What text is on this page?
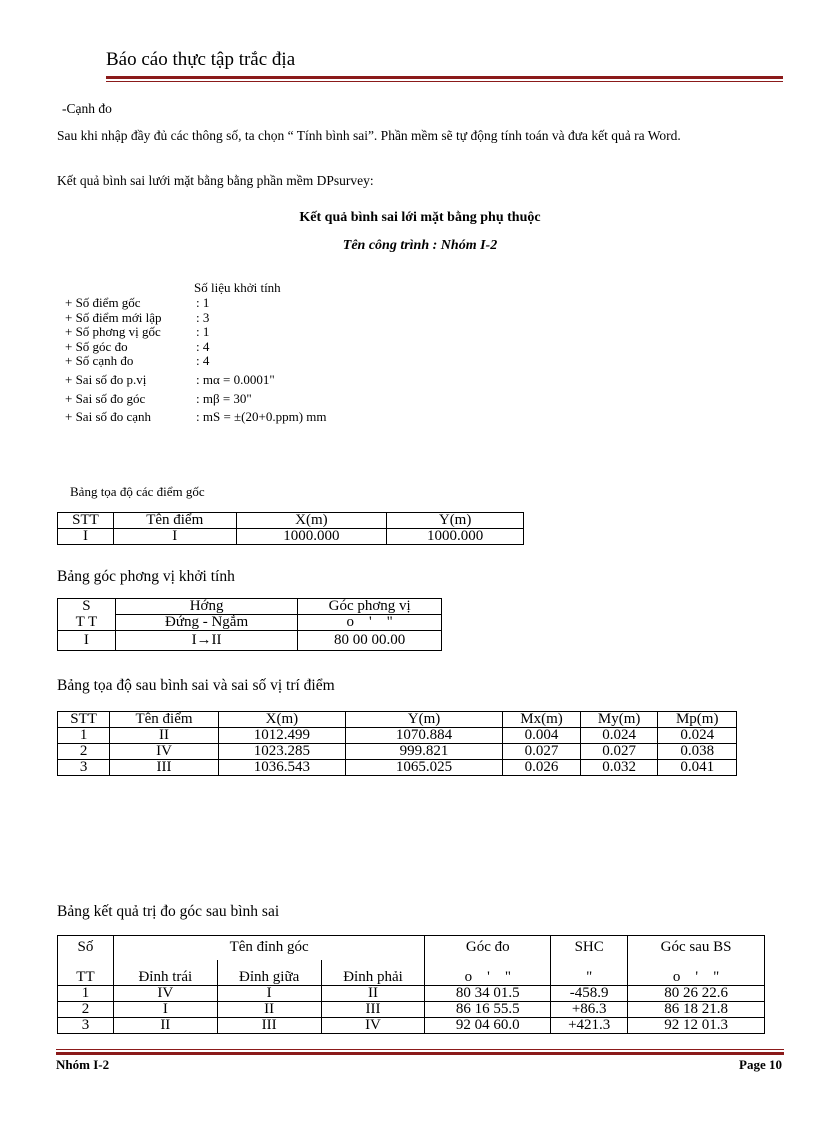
Báo cáo thực tập trắc địa
-Cạnh đo
Sau khi nhập đầy đủ các thông số, ta chọn “ Tính bình sai”. Phần mềm sẽ tự động tính toán và đưa kết quả ra Word.
Kết quả bình sai lưới mặt bằng bằng phần mềm DPsurvey:
Kết quả bình sai lới mặt bằng phụ thuộc
Tên công trình : Nhóm I-2
Số liệu khởi tính
+ Số điểm gốc	: 1
+ Số điểm mới lập	: 3
+ Số phơng vị gốc	: 1
+ Số góc đo	: 4
+ Số cạnh đo	: 4
+ Sai số đo p.vị	: mα = 0.0001"
+ Sai số đo góc	: mβ = 30"
+ Sai số đo cạnh	: mS = ±(20+0.ppm) mm
Bảng tọa độ các điểm gốc
STT	Tên điểm	X(m)	Y(m)
I	I	1000.000	1000.000
Bảng góc phơng vị khởi tính
S	Hớng	Góc phơng vị
T T	Đứng - Ngắm	o    '    "
I	I→II	80 00 00.00
Bảng tọa độ sau bình sai và sai số vị trí điểm
STT	Tên điểm	X(m)	Y(m)	Mx(m)	My(m)	Mp(m)
1	II	1012.499	1070.884	0.004	0.024	0.024
2	IV	1023.285	999.821	0.027	0.027	0.038
3	III	1036.543	1065.025	0.026	0.032	0.041
Bảng kết quả trị đo góc sau bình sai
Số	Tên đỉnh góc			Góc đo	SHC	Góc sau BS
TT	Đỉnh trái	Đỉnh giữa	Đỉnh phải	o    '    "	"	o    '    "
1	IV	I	II	80 34 01.5	-458.9	80 26 22.6
2	I	II	III	86 16 55.5	+86.3	86 18 21.8
3	II	III	IV	92 04 60.0	+421.3	92 12 01.3
Nhóm I-2	Page 10
